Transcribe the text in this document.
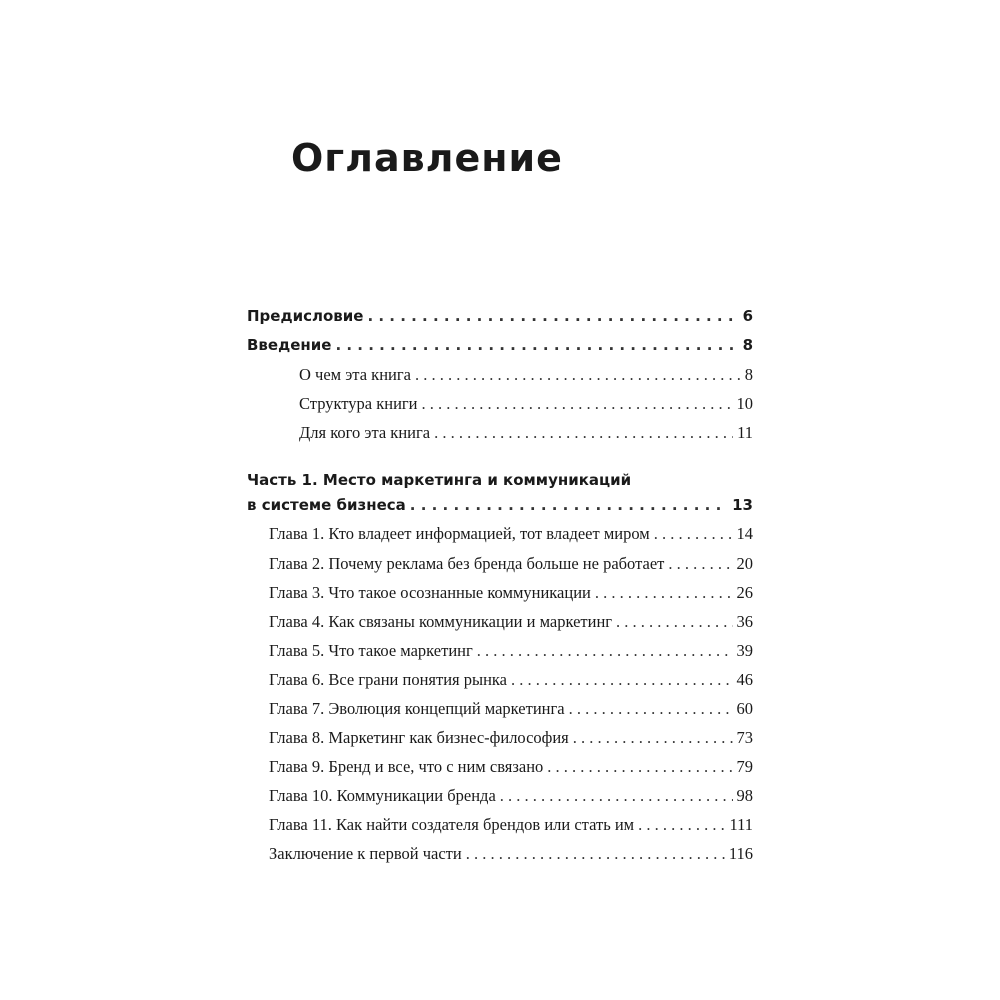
Оглавление
Предисловие . . .	6
Введение . . .	8
О чем эта книга . . .	8
Структура книги . . .	10
Для кого эта книга . . .	11
Часть 1. Место маркетинга и коммуникаций
в системе бизнеса . . .	13
Глава 1. Кто владеет информацией, тот владеет миром . . .	14
Глава 2. Почему реклама без бренда больше не работает . . .	20
Глава 3. Что такое осознанные коммуникации . . .	26
Глава 4. Как связаны коммуникации и маркетинг . . .	36
Глава 5. Что такое маркетинг . . .	39
Глава 6. Все грани понятия рынка . . .	46
Глава 7. Эволюция концепций маркетинга . . .	60
Глава 8. Маркетинг как бизнес-философия . . .	73
Глава 9. Бренд и все, что с ним связано . . .	79
Глава 10. Коммуникации бренда . . .	98
Глава 11. Как найти создателя брендов или стать им . . .	111
Заключение к первой части . . .	116
